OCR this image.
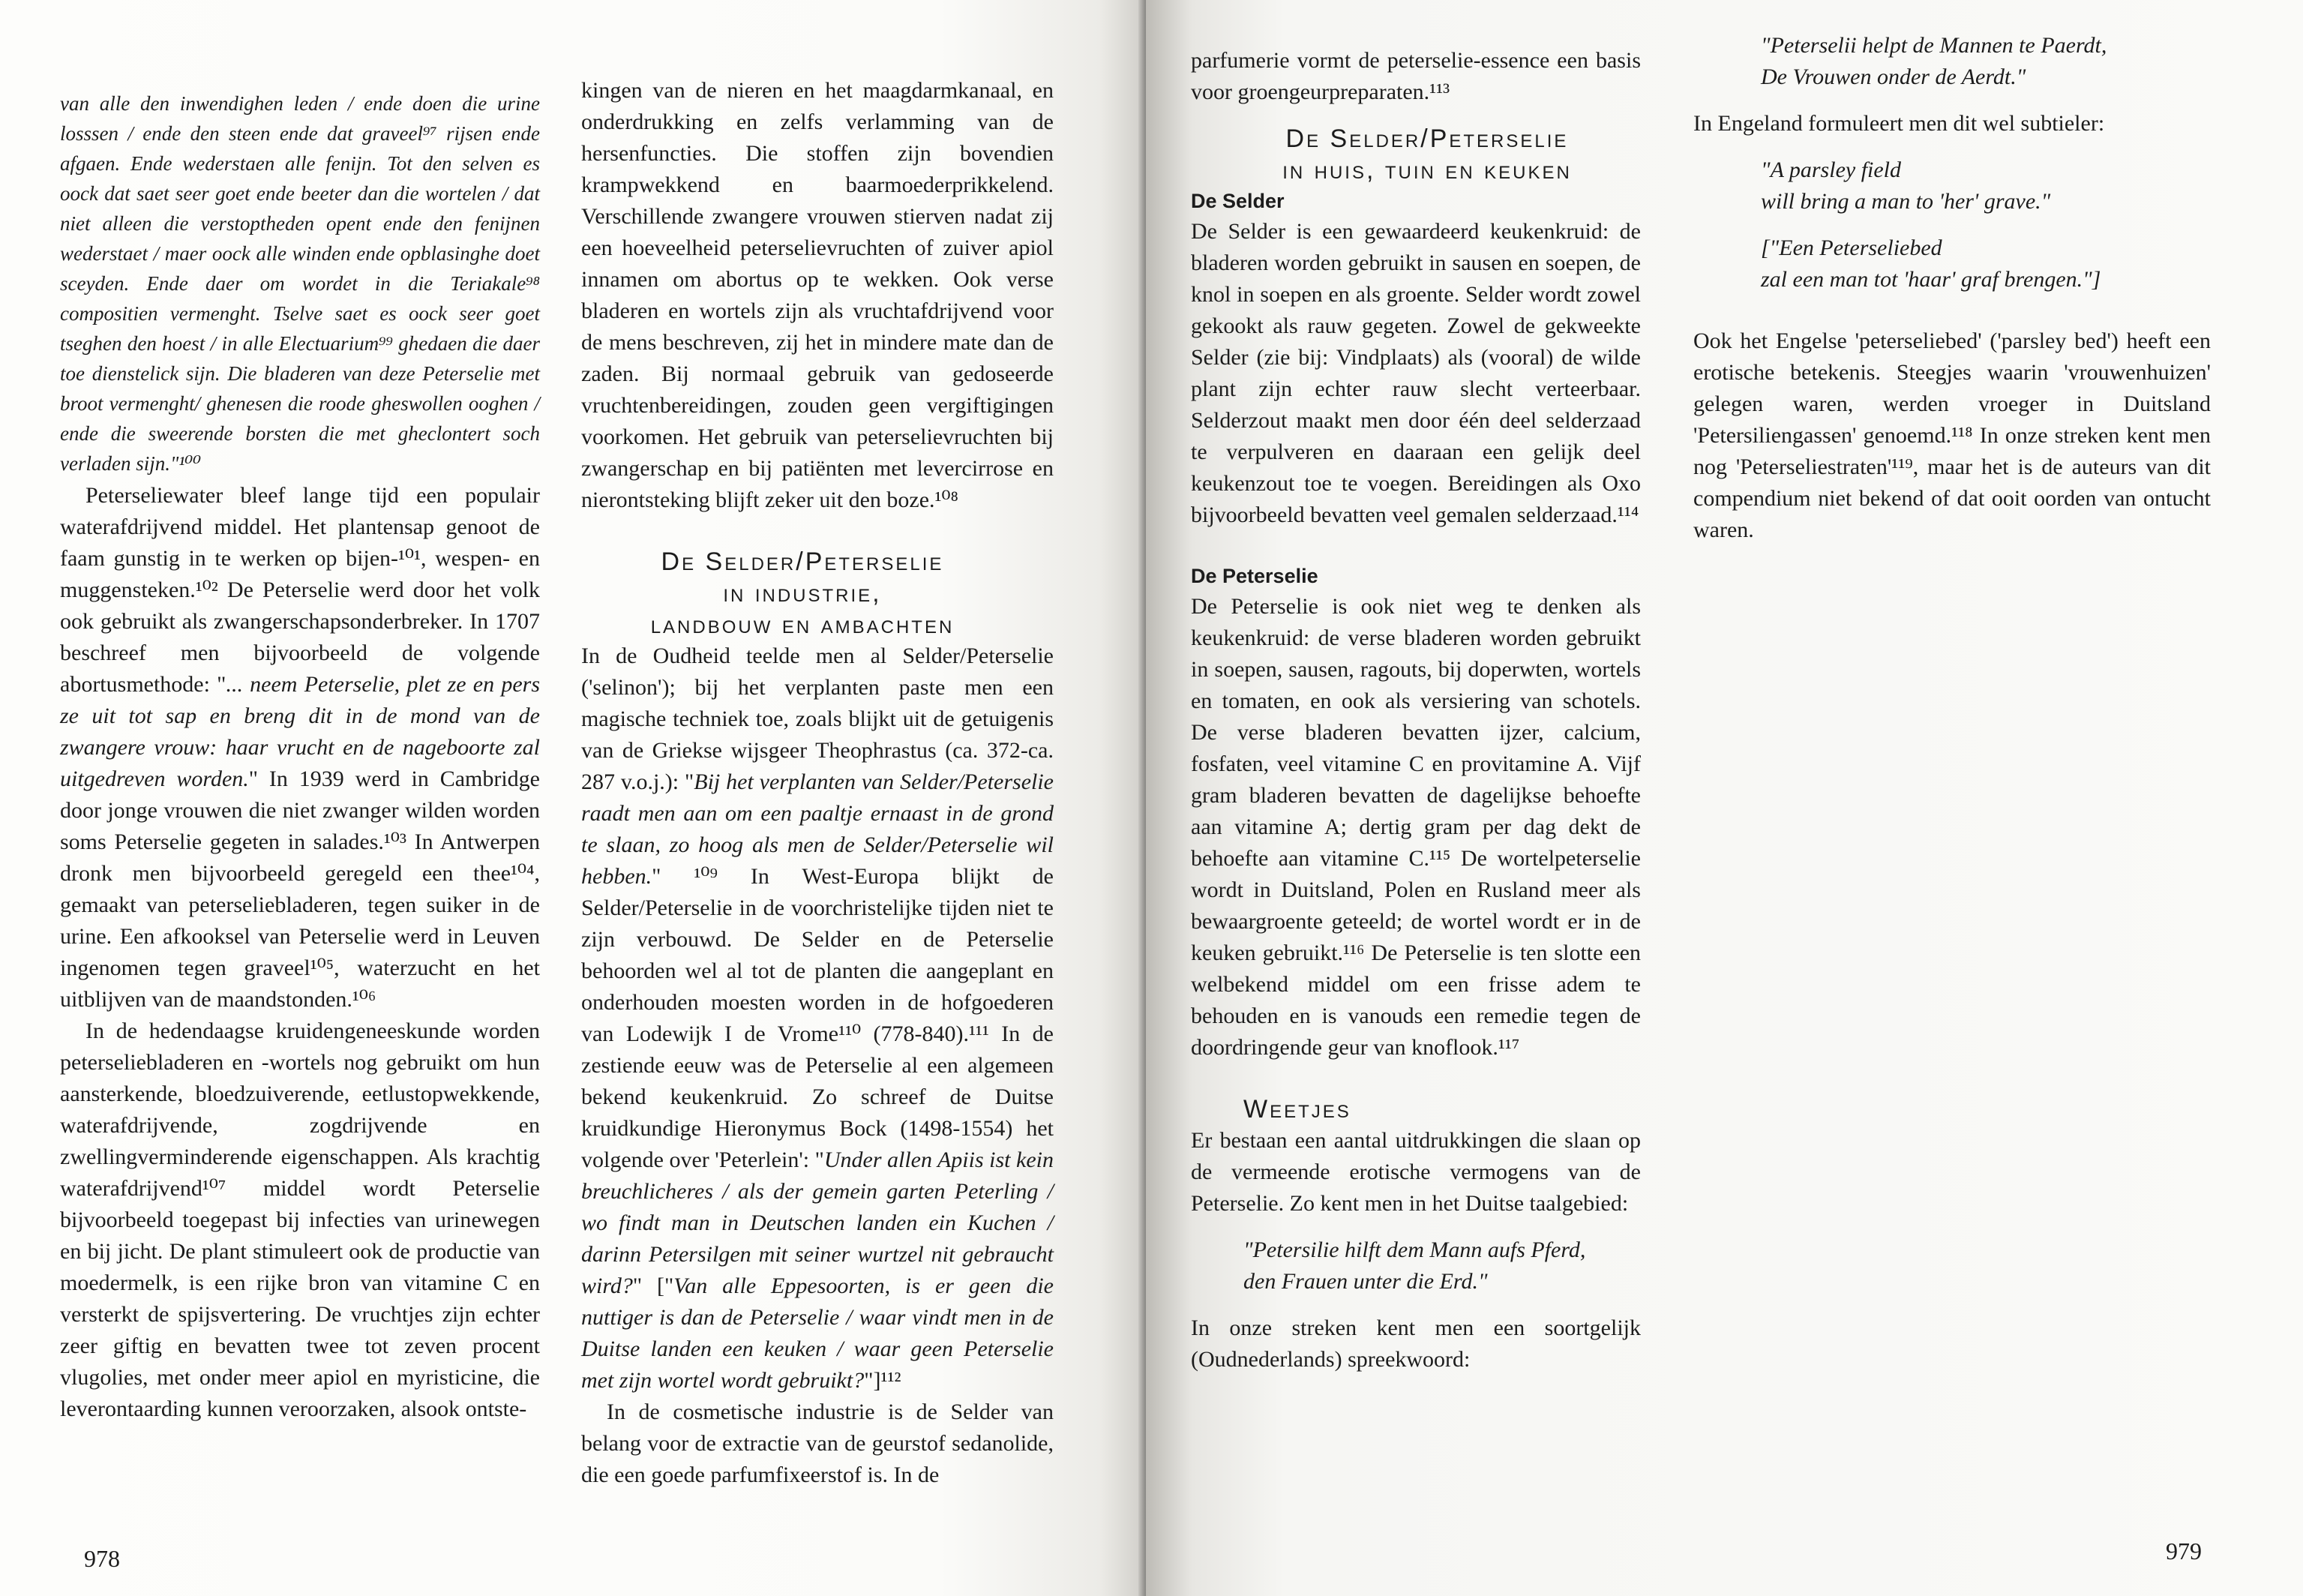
van alle den inwendighen leden / ende doen die urine losssen / ende den steen ende dat graveel⁹⁷ rijsen ende afgaen. Ende wederstaen alle fenijn. Tot den selven es oock dat saet seer goet ende beeter dan die wortelen / dat niet alleen die verstoptheden opent ende den fenijnen wederstaet / maer oock alle winden ende opblasinghe doet sceyden. Ende daer om wordet in die Teriakale⁹⁸ compositien vermenght. Tselve saet es oock seer goet tseghen den hoest / in alle Electuarium⁹⁹ ghedaen die daer toe dienstelick sijn. Die bladeren van deze Peterselie met broot vermenght/ ghenesen die roode gheswollen ooghen / ende die sweerende borsten die met gheclontert soch verladen sijn."¹⁰⁰

Peterseliewater bleef lange tijd een populair waterafdrijvend middel. Het plantensap genoot de faam gunstig in te werken op bijen-¹⁰¹, wespen- en muggensteken.¹⁰² De Peterselie werd door het volk ook gebruikt als zwangerschapsonderbreker. In 1707 beschreef men bijvoorbeeld de volgende abortusmethode: "... neem Peterselie, plet ze en pers ze uit tot sap en breng dit in de mond van de zwangere vrouw: haar vrucht en de nageboorte zal uitgedreven worden." In 1939 werd in Cambridge door jonge vrouwen die niet zwanger wilden worden soms Peterselie gegeten in salades.¹⁰³ In Antwerpen dronk men bijvoorbeeld geregeld een thee¹⁰⁴, gemaakt van peterseliebladeren, tegen suiker in de urine. Een afkooksel van Peterselie werd in Leuven ingenomen tegen graveel¹⁰⁵, waterzucht en het uitblijven van de maandstonden.¹⁰⁶

In de hedendaagse kruidengeneeskunde worden peterseliebladeren en -wortels nog gebruikt om hun aansterkende, bloedzuiverende, eetlustopwekkende, waterafdrijvende, zogdrijvende en zwellingverminderende eigenschappen. Als krachtig waterafdrijvend¹⁰⁷ middel wordt Peterselie bijvoorbeeld toegepast bij infecties van urinewegen en bij jicht. De plant stimuleert ook de productie van moedermelk, is een rijke bron van vitamine C en versterkt de spijsvertering. De vruchtjes zijn echter zeer giftig en bevatten twee tot zeven procent vlugolies, met onder meer apiol en myristicine, die leverontaarding kunnen veroorzaken, alsook ontste-

kingen van de nieren en het maagdarmkanaal, en onderdrukking en zelfs verlamming van de hersenfuncties. Die stoffen zijn bovendien krampwekkend en baarmoederprikkelend. Verschillende zwangere vrouwen stierven nadat zij een hoeveelheid peterselievruchten of zuiver apiol innamen om abortus op te wekken. Ook verse bladeren en wortels zijn als vruchtafdrijvend voor de mens beschreven, zij het in mindere mate dan de zaden. Bij normaal gebruik van gedoseerde vruchtenbereidingen, zouden geen vergiftigingen voorkomen. Het gebruik van peterselievruchten bij zwangerschap en bij patiënten met levercirrose en nierontsteking blijft zeker uit den boze.¹⁰⁸

De Selder/Peterselie

in industrie,

landbouw en ambachten

In de Oudheid teelde men al Selder/Peterselie ('selinon'); bij het verplanten paste men een magische techniek toe, zoals blijkt uit de getuigenis van de Griekse wijsgeer Theophrastus (ca. 372-ca. 287 v.o.j.): "Bij het verplanten van Selder/Peterselie raadt men aan om een paaltje ernaast in de grond te slaan, zo hoog als men de Selder/Peterselie wil hebben." ¹⁰⁹ In West-Europa blijkt de Selder/Peterselie in de voorchristelijke tijden niet te zijn verbouwd. De Selder en de Peterselie behoorden wel al tot de planten die aangeplant en onderhouden moesten worden in de hofgoederen van Lodewijk I de Vrome¹¹⁰ (778-840).¹¹¹ In de zestiende eeuw was de Peterselie al een algemeen bekend keukenkruid. Zo schreef de Duitse kruidkundige Hieronymus Bock (1498-1554) het volgende over 'Peterlein': "Under allen Apiis ist kein breuchlicheres / als der gemein garten Peterling / wo findt man in Deutschen landen ein Kuchen / darinn Petersilgen mit seiner wurtzel nit gebraucht wird?" ["Van alle Eppesoorten, is er geen die nuttiger is dan de Peterselie / waar vindt men in de Duitse landen een keuken / waar geen Peterselie met zijn wortel wordt gebruikt?"]¹¹²

In de cosmetische industrie is de Selder van belang voor de extractie van de geurstof sedanolide, die een goede parfumfixeerstof is. In de

978

parfumerie vormt de peterselie-essence een basis voor groengeurpreparaten.¹¹³

De Selder/Peterselie

in huis, tuin en keuken

De Selder

De Selder is een gewaardeerd keukenkruid: de bladeren worden gebruikt in sausen en soepen, de knol in soepen en als groente. Selder wordt zowel gekookt als rauw gegeten. Zowel de gekweekte Selder (zie bij: Vindplaats) als (vooral) de wilde plant zijn echter rauw slecht verteerbaar. Selderzout maakt men door één deel selderzaad te verpulveren en daaraan een gelijk deel keukenzout toe te voegen. Bereidingen als Oxo bijvoorbeeld bevatten veel gemalen selderzaad.¹¹⁴

De Peterselie

De Peterselie is ook niet weg te denken als keukenkruid: de verse bladeren worden gebruikt in soepen, sausen, ragouts, bij doperwten, wortels en tomaten, en ook als versiering van schotels. De verse bladeren bevatten ijzer, calcium, fosfaten, veel vitamine C en provitamine A. Vijf gram bladeren bevatten de dagelijkse behoefte aan vitamine A; dertig gram per dag dekt de behoefte aan vitamine C.¹¹⁵ De wortelpeterselie wordt in Duitsland, Polen en Rusland meer als bewaargroente geteeld; de wortel wordt er in de keuken gebruikt.¹¹⁶ De Peterselie is ten slotte een welbekend middel om een frisse adem te behouden en is vanouds een remedie tegen de doordringende geur van knoflook.¹¹⁷

Weetjes

Er bestaan een aantal uitdrukkingen die slaan op de vermeende erotische vermogens van de Peterselie. Zo kent men in het Duitse taalgebied:

"Petersilie hilft dem Mann aufs Pferd,

den Frauen unter die Erd."

In onze streken kent men een soortgelijk (Oudnederlands) spreekwoord:

"Peterselii helpt de Mannen te Paerdt,

De Vrouwen onder de Aerdt."

In Engeland formuleert men dit wel subtieler:

"A parsley field

will bring a man to 'her' grave."

["Een Peterseliebed

zal een man tot 'haar' graf brengen."]

Ook het Engelse 'peterseliebed' ('parsley bed') heeft een erotische betekenis. Steegjes waarin 'vrouwenhuizen' gelegen waren, werden vroeger in Duitsland 'Petersiliengassen' genoemd.¹¹⁸ In onze streken kent men nog 'Peterseliestraten'¹¹⁹, maar het is de auteurs van dit compendium niet bekend of dat ooit oorden van ontucht waren.

979
